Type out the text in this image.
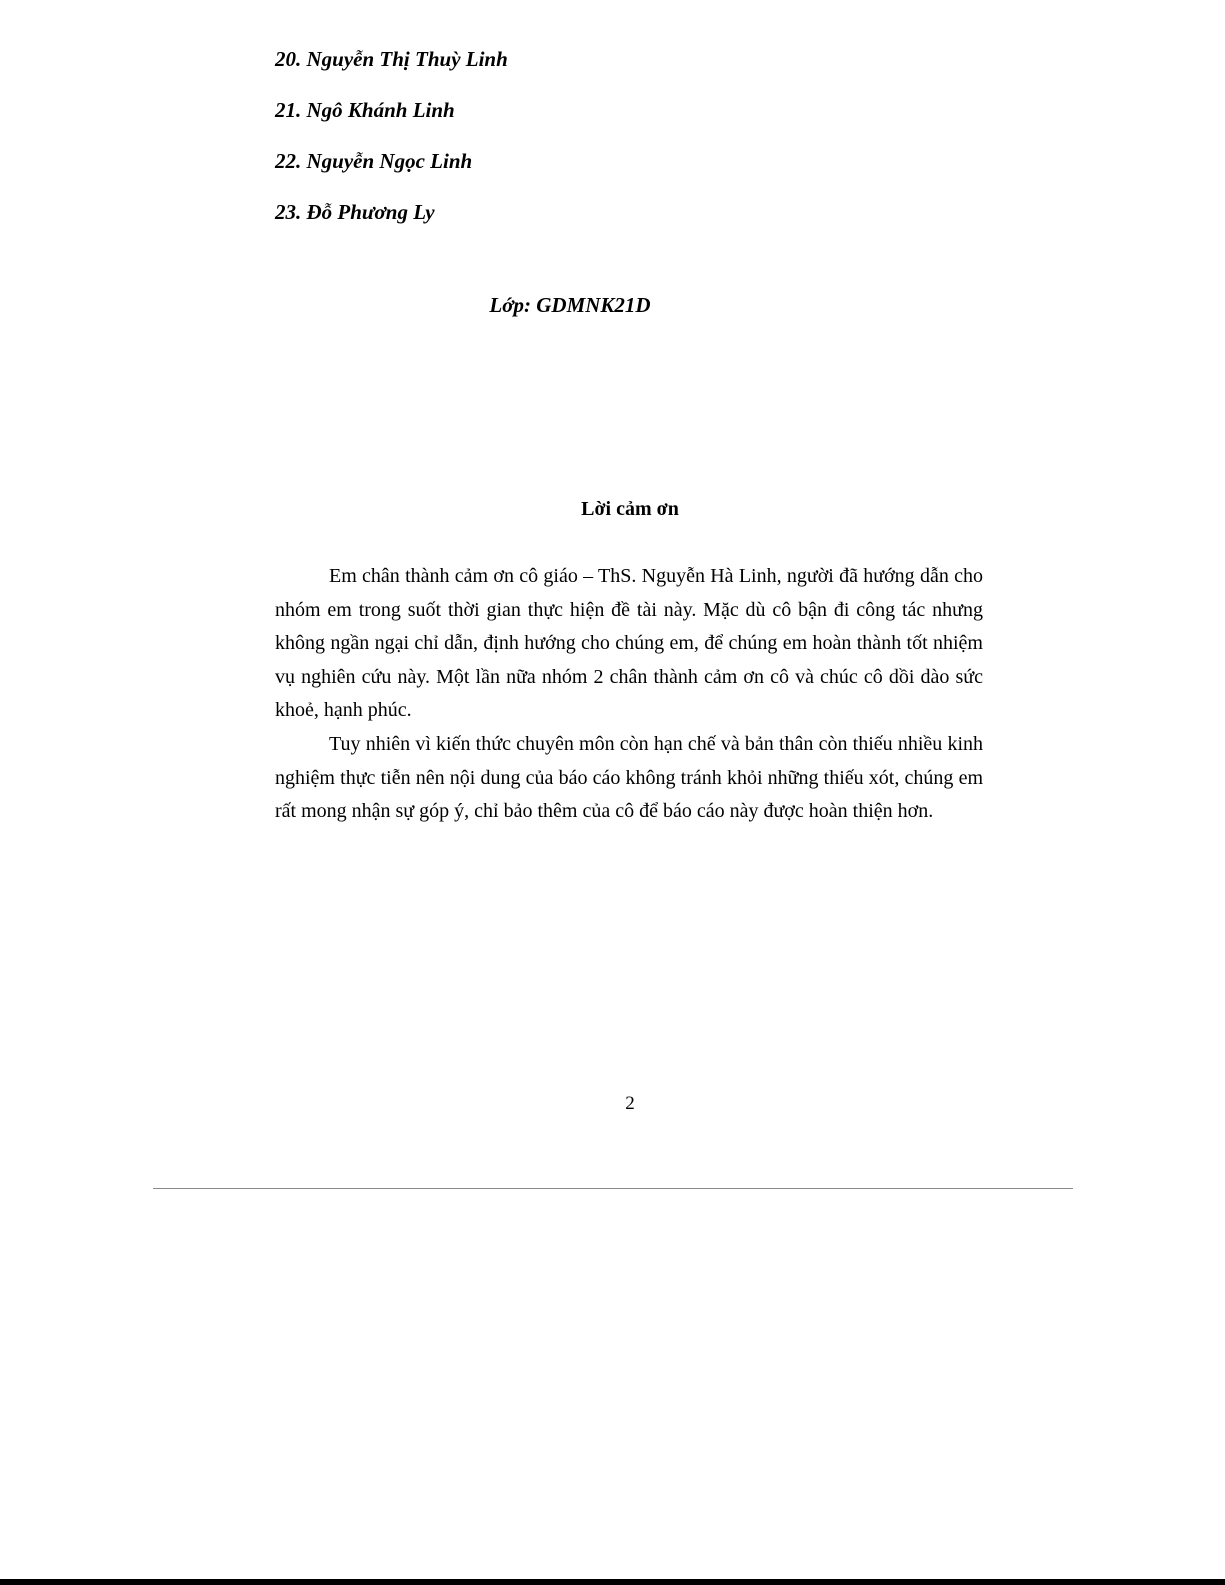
20. Nguyễn Thị Thuỳ Linh
21. Ngô Khánh Linh
22. Nguyễn Ngọc Linh
23. Đỗ Phương Ly
Lớp: GDMNK21D
Lời cảm ơn

Em chân thành cảm ơn cô giáo – ThS. Nguyễn Hà Linh, người đã hướng dẫn cho nhóm em trong suốt thời gian thực hiện đề tài này. Mặc dù cô bận đi công tác nhưng không ngần ngại chỉ dẫn, định hướng cho chúng em, để chúng em hoàn thành tốt nhiệm vụ nghiên cứu này. Một lần nữa nhóm 2 chân thành cảm ơn cô và chúc cô dồi dào sức khoẻ, hạnh phúc.

Tuy nhiên vì kiến thức chuyên môn còn hạn chế và bản thân còn thiếu nhiều kinh nghiệm thực tiễn nên nội dung của báo cáo không tránh khỏi những thiếu xót, chúng em rất mong nhận sự góp ý, chỉ bảo thêm của cô để báo cáo này được hoàn thiện hơn.

2
